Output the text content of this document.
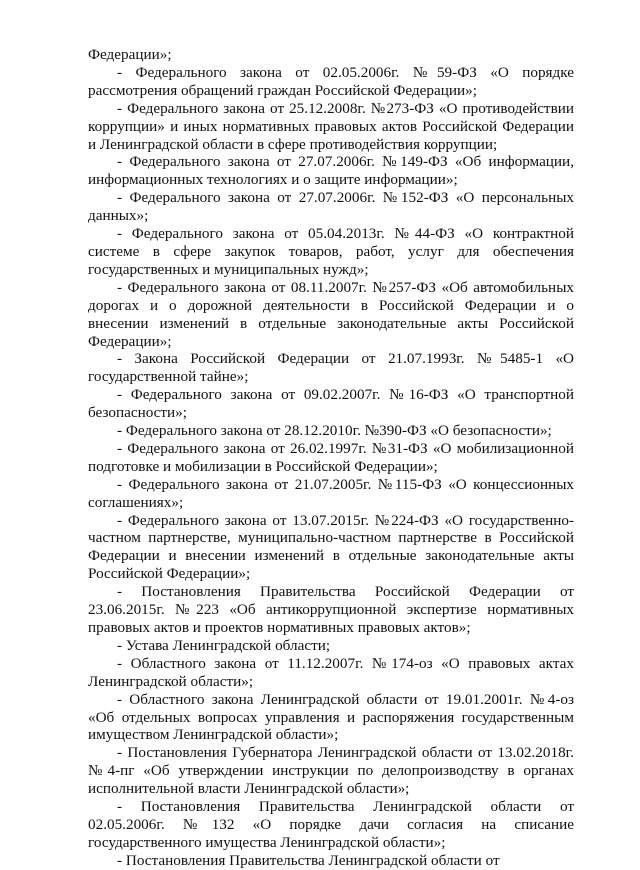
Федерации»;

- Федерального закона от 02.05.2006г. №59-ФЗ «О порядке рассмотрения обращений граждан Российской Федерации»;

- Федерального закона от 25.12.2008г. №273-ФЗ «О противодействии коррупции» и иных нормативных правовых актов Российской Федерации и Ленинградской области в сфере противодействия коррупции;

- Федерального закона от 27.07.2006г. №149-ФЗ «Об информации, информационных технологиях и о защите информации»;

- Федерального закона от 27.07.2006г. №152-ФЗ «О персональных данных»;

- Федерального закона от 05.04.2013г. №44-ФЗ «О контрактной системе в сфере закупок товаров, работ, услуг для обеспечения государственных и муниципальных нужд»;

- Федерального закона от 08.11.2007г. №257-ФЗ «Об автомобильных дорогах и о дорожной деятельности в Российской Федерации и о внесении изменений в отдельные законодательные акты Российской Федерации»;

- Закона Российской Федерации от 21.07.1993г. №5485-1 «О государственной тайне»;

- Федерального закона от 09.02.2007г. №16-ФЗ «О транспортной безопасности»;

- Федерального закона от 28.12.2010г. №390-ФЗ «О безопасности»;

- Федерального закона от 26.02.1997г. №31-ФЗ «О мобилизационной подготовке и мобилизации в Российской Федерации»;

- Федерального закона от 21.07.2005г. №115-ФЗ «О концессионных соглашениях»;

- Федерального закона от 13.07.2015г. №224-ФЗ «О государственно-частном партнерстве, муниципально-частном партнерстве в Российской Федерации и внесении изменений в отдельные законодательные акты Российской Федерации»;

- Постановления Правительства Российской Федерации от 23.06.2015г. №223 «Об антикоррупционной экспертизе нормативных правовых актов и проектов нормативных правовых актов»;

- Устава Ленинградской области;

- Областного закона от 11.12.2007г. №174-оз «О правовых актах Ленинградской области»;

- Областного закона Ленинградской области от 19.01.2001г. №4-оз «Об отдельных вопросах управления и распоряжения государственным имуществом Ленинградской области»;

- Постановления Губернатора Ленинградской области от 13.02.2018г. №4-пг «Об утверждении инструкции по делопроизводству в органах исполнительной власти Ленинградской области»;

- Постановления Правительства Ленинградской области от 02.05.2006г. №132 «О порядке дачи согласия на списание государственного имущества Ленинградской области»;

- Постановления Правительства Ленинградской области от
